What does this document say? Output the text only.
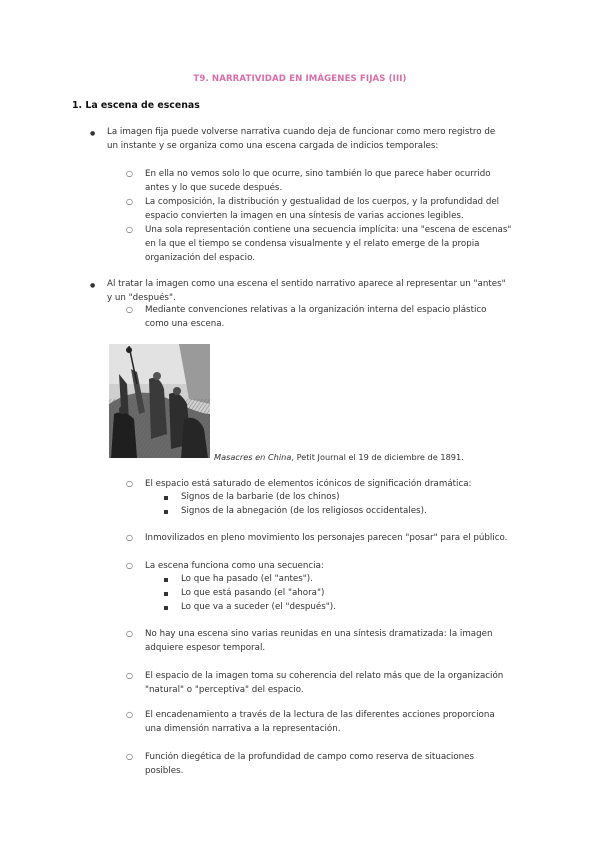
T9. NARRATIVIDAD EN IMÁGENES FIJAS (III)
1. La escena de escenas
● La imagen fija puede volverse narrativa cuando deja de funcionar como mero registro de
un instante y se organiza como una escena cargada de indicios temporales:
○ En ella no vemos solo lo que ocurre, sino también lo que parece haber ocurrido
antes y lo que sucede después.
○ La composición, la distribución y gestualidad de los cuerpos, y la profundidad del
espacio convierten la imagen en una síntesis de varias acciones legibles.
○ Una sola representación contiene una secuencia implícita: una "escena de escenas"
en la que el tiempo se condensa visualmente y el relato emerge de la propia
organización del espacio.
● Al tratar la imagen como una escena el sentido narrativo aparece al representar un "antes"
y un "después".
○ Mediante convenciones relativas a la organización interna del espacio plástico
como una escena.
Masacres en China, Petit Journal el 19 de diciembre de 1891.
○ El espacio está saturado de elementos icónicos de significación dramática:
Signos de la barbarie (de los chinos)
Signos de la abnegación (de los religiosos occidentales).
○ Inmovilizados en pleno movimiento los personajes parecen "posar" para el público.
○ La escena funciona como una secuencia:
Lo que ha pasado (el "antes").
Lo que está pasando (el "ahora")
Lo que va a suceder (el "después").
○ No hay una escena sino varias reunidas en una síntesis dramatizada: la imagen
adquiere espesor temporal.
○ El espacio de la imagen toma su coherencia del relato más que de la organización
"natural" o "perceptiva" del espacio.
○ El encadenamiento a través de la lectura de las diferentes acciones proporciona
una dimensión narrativa a la representación.
○ Función diegética de la profundidad de campo como reserva de situaciones
posibles.
